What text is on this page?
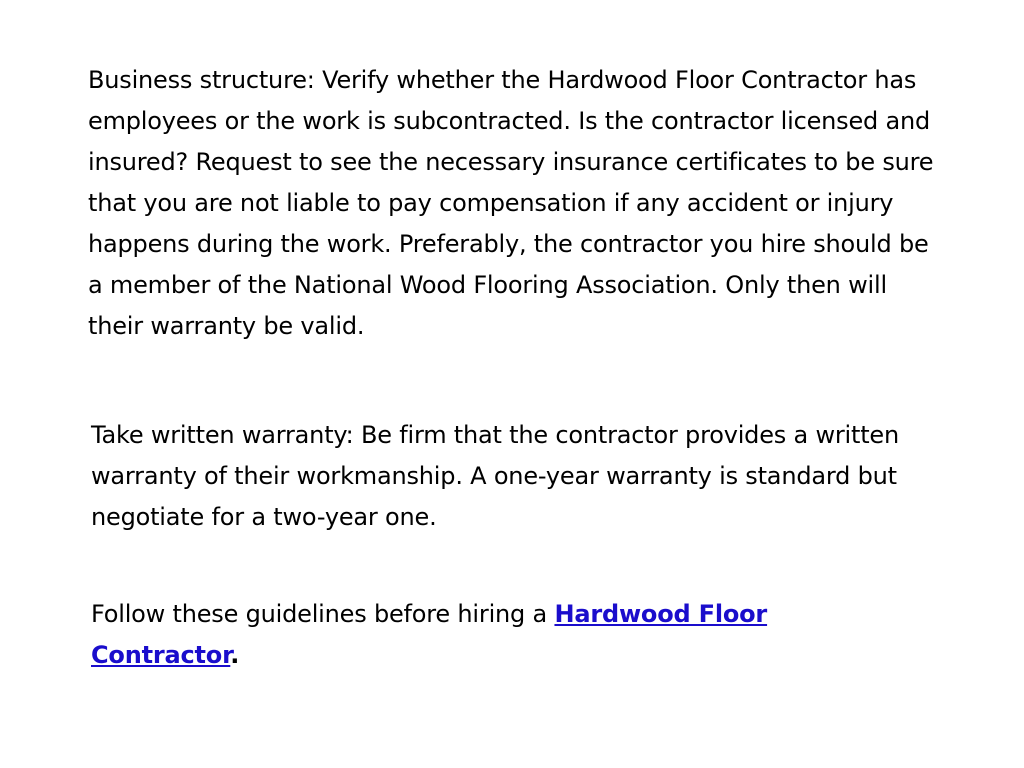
Business structure: Verify whether the Hardwood Floor Contractor has employees or the work is subcontracted. Is the contractor licensed and insured? Request to see the necessary insurance certificates to be sure that you are not liable to pay compensation if any accident or injury happens during the work. Preferably, the contractor you hire should be a member of the National Wood Flooring Association. Only then will their warranty be valid.

Take written warranty: Be firm that the contractor provides a written warranty of their workmanship. A one-year warranty is standard but negotiate for a two-year one.

Follow these guidelines before hiring a Hardwood Floor Contractor.
